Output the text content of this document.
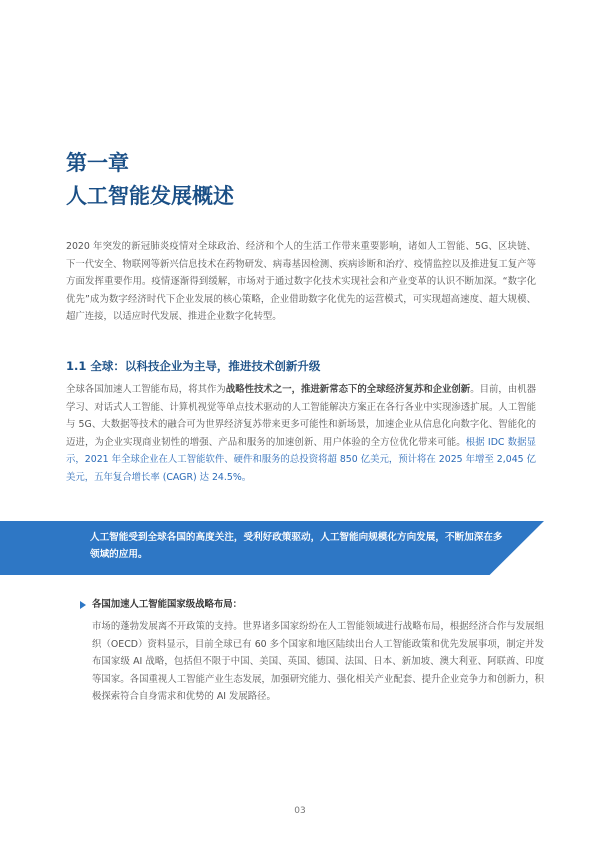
第一章
人工智能发展概述

2020 年突发的新冠肺炎疫情对全球政治、经济和个人的生活工作带来重要影响，诸如人工智能、5G、区块链、下一代安全、物联网等新兴信息技术在药物研发、病毒基因检测、疾病诊断和治疗、疫情监控以及推进复工复产等方面发挥重要作用。疫情逐渐得到缓解，市场对于通过数字化技术实现社会和产业变革的认识不断加深。“数字化优先”成为数字经济时代下企业发展的核心策略，企业借助数字化优先的运营模式，可实现超高速度、超大规模、超广连接，以适应时代发展、推进企业数字化转型。

1.1 全球：以科技企业为主导，推进技术创新升级

全球各国加速人工智能布局，将其作为战略性技术之一，推进新常态下的全球经济复苏和企业创新。目前，由机器学习、对话式人工智能、计算机视觉等单点技术驱动的人工智能解决方案正在各行各业中实现渗透扩展。人工智能与 5G、大数据等技术的融合可为世界经济复苏带来更多可能性和新场景，加速企业从信息化向数字化、智能化的迈进，为企业实现商业韧性的增强、产品和服务的加速创新、用户体验的全方位优化带来可能。根据 IDC 数据显示，2021 年全球企业在人工智能软件、硬件和服务的总投资将超 850 亿美元，预计将在 2025 年增至 2,045 亿美元，五年复合增长率 (CAGR) 达 24.5%。

人工智能受到全球各国的高度关注，受利好政策驱动，人工智能向规模化方向发展，不断加深在多领域的应用。
各国加速人工智能国家级战略布局：

市场的蓬勃发展离不开政策的支持。世界诸多国家纷纷在人工智能领域进行战略布局，根据经济合作与发展组织（OECD）资料显示，目前全球已有 60 多个国家和地区陆续出台人工智能政策和优先发展事项，制定并发布国家级 AI 战略，包括但不限于中国、美国、英国、德国、法国、日本、新加坡、澳大利亚、阿联酋、印度等国家。各国重视人工智能产业生态发展，加强研究能力、强化相关产业配套、提升企业竞争力和创新力，积极探索符合自身需求和优势的 AI 发展路径。

03
